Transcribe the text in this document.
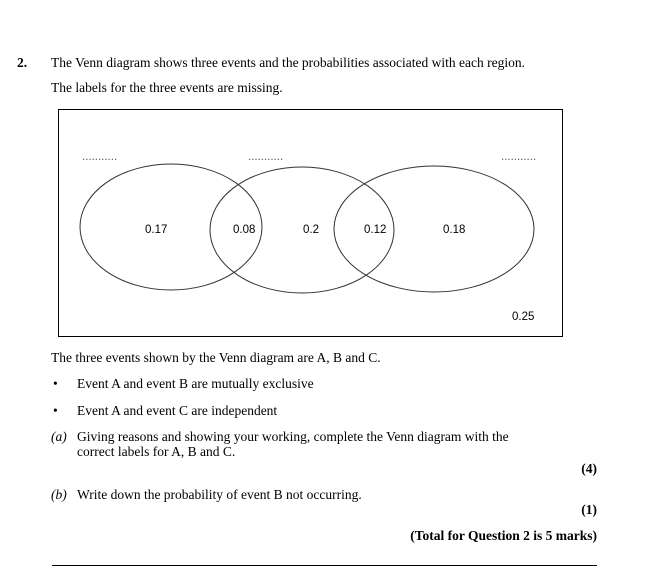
2. The Venn diagram shows three events and the probabilities associated with each region.
The labels for the three events are missing.
...........	...........	...........
0.17	0.08	0.2	0.12	0.18
0.25
The three events shown by the Venn diagram are A, B and C.
• Event A and event B are mutually exclusive
• Event A and event C are independent
(a) Giving reasons and showing your working, complete the Venn diagram with the
correct labels for A, B and C.
(4)
(b) Write down the probability of event B not occurring.
(1)
(Total for Question 2 is 5 marks)
